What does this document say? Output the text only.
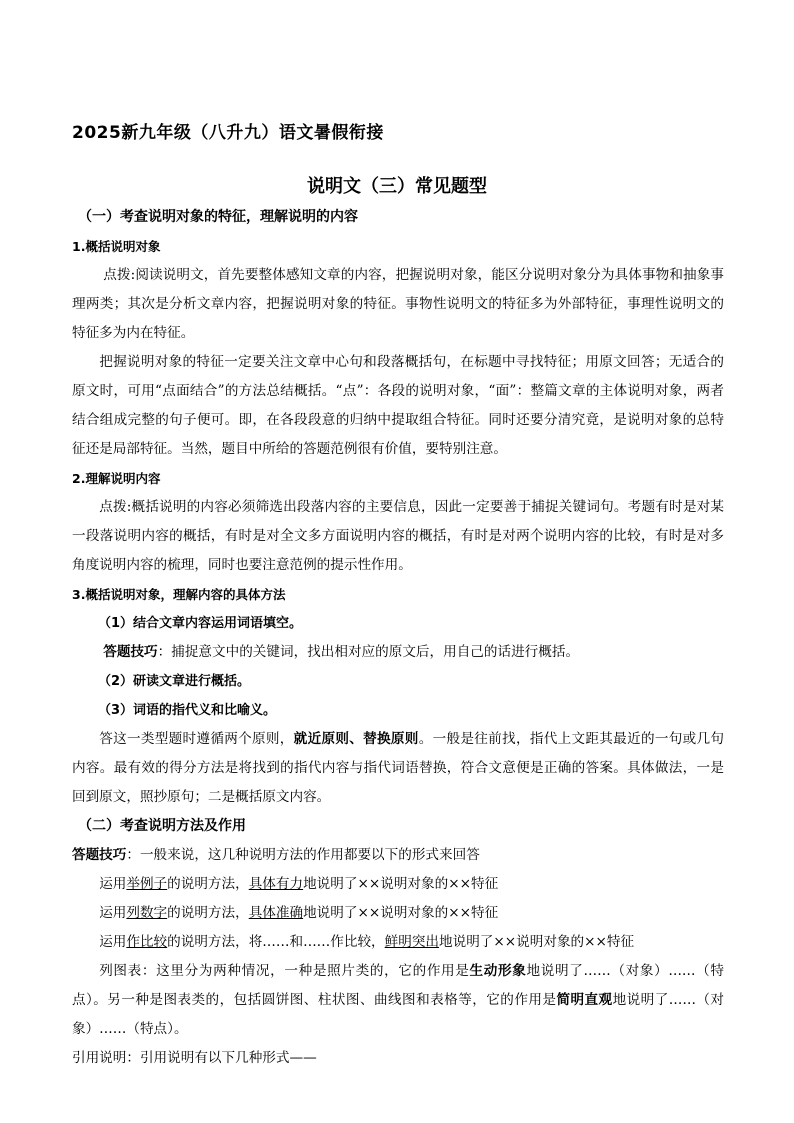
2025新九年级（八升九）语文暑假衔接
说明文（三）常见题型
（一）考查说明对象的特征，理解说明的内容
1.概括说明对象
点拨:阅读说明文，首先要整体感知文章的内容，把握说明对象，能区分说明对象分为具体事物和抽象事理两类；其次是分析文章内容，把握说明对象的特征。事物性说明文的特征多为外部特征，事理性说明文的特征多为内在特征。
把握说明对象的特征一定要关注文章中心句和段落概括句，在标题中寻找特征；用原文回答；无适合的原文时，可用“点面结合”的方法总结概括。“点”：各段的说明对象，“面”：整篇文章的主体说明对象，两者结合组成完整的句子便可。即，在各段段意的归纳中提取组合特征。同时还要分清究竟，是说明对象的总特征还是局部特征。当然，题目中所给的答题范例很有价值，要特别注意。
2.理解说明内容
点拨:概括说明的内容必须筛选出段落内容的主要信息，因此一定要善于捕捉关键词句。考题有时是对某一段落说明内容的概括，有时是对全文多方面说明内容的概括，有时是对两个说明内容的比较，有时是对多角度说明内容的梳理，同时也要注意范例的提示性作用。
3.概括说明对象，理解内容的具体方法
（1）结合文章内容运用词语填空。
答题技巧：捕捉意文中的关键词，找出相对应的原文后，用自己的话进行概括。
（2）研读文章进行概括。
（3）词语的指代义和比喻义。
答这一类型题时遵循两个原则，就近原则、替换原则。一般是往前找，指代上文距其最近的一句或几句内容。最有效的得分方法是将找到的指代内容与指代词语替换，符合文意便是正确的答案。具体做法，一是回到原文，照抄原句；二是概括原文内容。
（二）考查说明方法及作用
答题技巧：一般来说，这几种说明方法的作用都要以下的形式来回答
运用举例子的说明方法，具体有力地说明了××说明对象的××特征
运用列数字的说明方法，具体准确地说明了××说明对象的××特征
运用作比较的说明方法，将……和……作比较，鲜明突出地说明了××说明对象的××特征
列图表：这里分为两种情况，一种是照片类的，它的作用是生动形象地说明了……（对象）……（特点）。另一种是图表类的，包括圆饼图、柱状图、曲线图和表格等，它的作用是简明直观地说明了……（对象）……（特点）。
引用说明：引用说明有以下几种形式——
